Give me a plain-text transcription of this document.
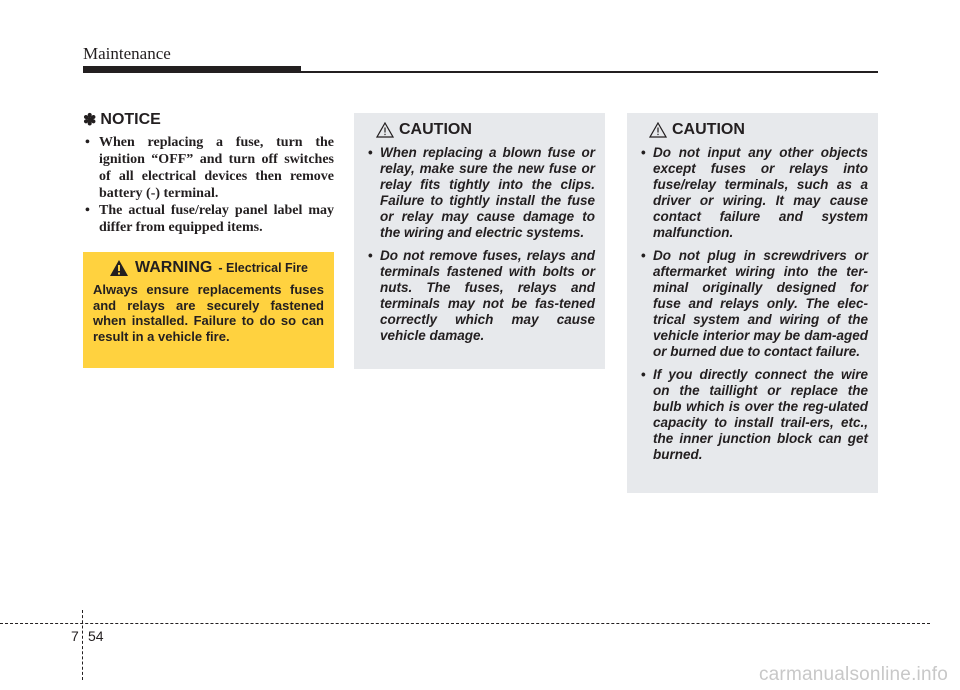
Maintenance
✽ NOTICE
• When replacing a fuse, turn the ignition “OFF” and turn off switches of all electrical devices then remove battery (-) terminal.
• The actual fuse/relay panel label may differ from equipped items.
WARNING - Electrical Fire
Always ensure replacements fuses and relays are securely fastened when installed. Failure to do so can result in a vehicle fire.
CAUTION
• When replacing a blown fuse or relay, make sure the new fuse or relay fits tightly into the clips. Failure to tightly install the fuse or relay may cause damage to the wiring and electric systems.
• Do not remove fuses, relays and terminals fastened with bolts or nuts. The fuses, relays and terminals may not be fas-tened correctly which may cause vehicle damage.
CAUTION
• Do not input any other objects except fuses or relays into fuse/relay terminals, such as a driver or wiring. It may cause contact failure and system malfunction.
• Do not plug in screwdrivers or aftermarket wiring into the ter-minal originally designed for fuse and relays only. The elec-trical system and wiring of the vehicle interior may be dam-aged or burned due to contact failure.
• If you directly connect the wire on the taillight or replace the bulb which is over the reg-ulated capacity to install trail-ers, etc., the inner junction block can get burned.
7 54
carmanualsonline.info
